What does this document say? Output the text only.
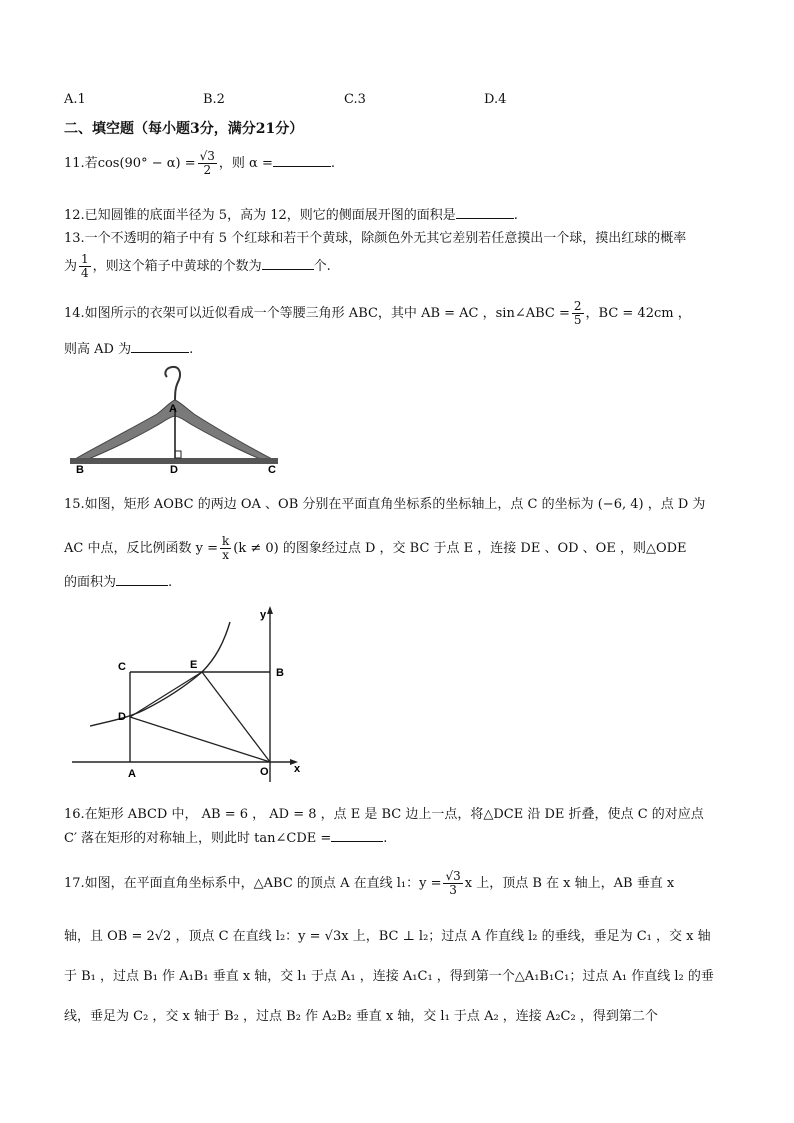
A.1	B.2	C.3	D.4
二、填空题（每小题3分，满分21分）
11.若$\cos(90^\circ - \alpha) = \frac{√3}{2}$ ，则 α =	.
12.已知圆锥的底面半径为 5，高为 12，则它的侧面展开图的面积是	.
13.一个不透明的箱子中有 5 个红球和若干个黄球，除颜色外无其它差别若任意摸出一个球，摸出红球的概率
为 $\frac{1}{4}$ ，则这个箱子中黄球的个数为	个.
14.如图所示的衣架可以近似看成一个等腰三角形 ABC，其中 AB = AC ，sin∠ABC = $\frac{2}{5}$ ，BC = 42cm ，
则高 AD 为	.
A
B	D	C
15.如图，矩形 AOBC 的两边 OA 、OB 分别在平面直角坐标系的坐标轴上，点 C 的坐标为 (−6, 4) ，点 D 为
AC 中点，反比例函数 $y = \frac{k}{x} (k \ne 0)$ 的图象经过点 D ，交 BC 于点 E ，连接 DE 、OD 、OE ，则△ODE
的面积为	.
y
x
C	E
B
D
A	O
16.在矩形 ABCD 中， AB = 6 ， AD = 8 ，点 E 是 BC 边上一点，将△DCE 沿 DE 折叠，使点 C 的对应点
C′ 落在矩形的对称轴上，则此时 tan∠CDE =	.
17.如图，在平面直角坐标系中，△ABC 的顶点 A 在直线 l₁：$y = \frac{√3}{3}$ x 上，顶点 B 在 x 轴上，AB 垂直 x
轴，且 OB = 2√2 ，顶点 C 在直线 l₂：y = √3x 上，BC ⊥ l₂；过点 A 作直线 l₂ 的垂线，垂足为 C₁ ，交 x 轴
于 B₁ ，过点 B₁ 作 A₁B₁ 垂直 x 轴，交 l₁ 于点 A₁ ，连接 A₁C₁ ，得到第一个△A₁B₁C₁；过点 A₁ 作直线 l₂ 的垂
线，垂足为 C₂ ，交 x 轴于 B₂ ，过点 B₂ 作 A₂B₂ 垂直 x 轴，交 l₁ 于点 A₂ ，连接 A₂C₂ ，得到第二个
